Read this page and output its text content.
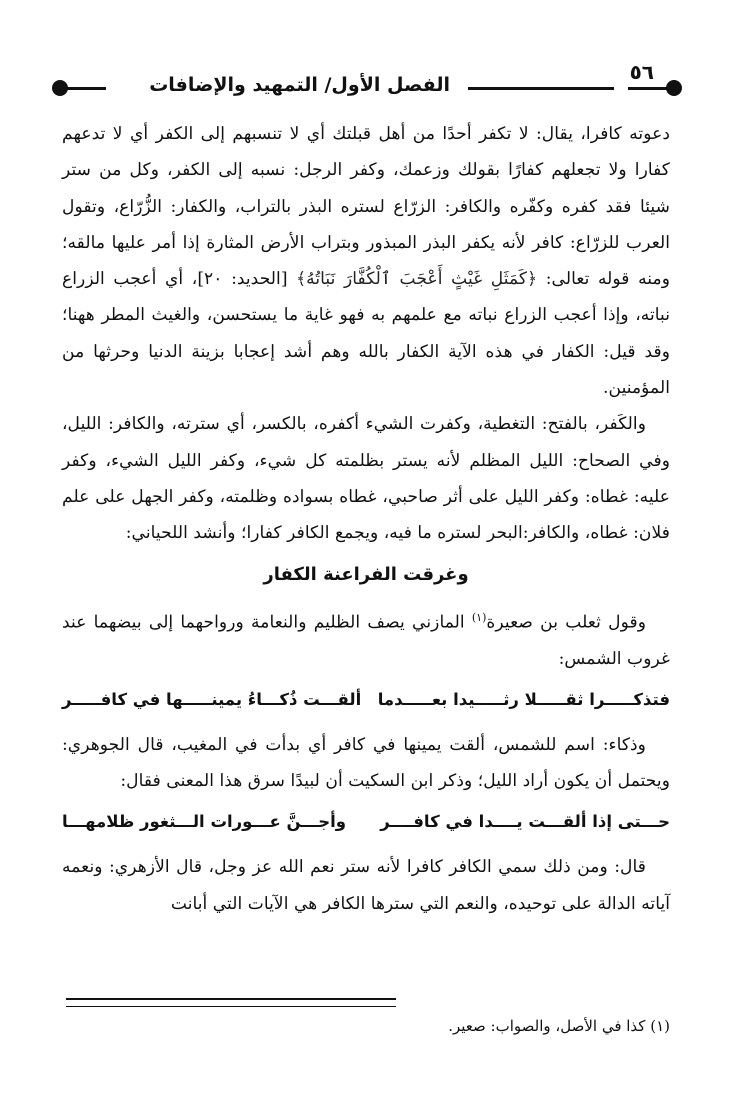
٥٦
الفصل الأول/ التمهيد والإضافات

دعوته كافرا، يقال: لا تكفر أحدًا من أهل قبلتك أي لا تنسبهم إلى الكفر أي لا تدعهم كفارا ولا تجعلهم كفارًا بقولك وزعمك، وكفر الرجل: نسبه إلى الكفر، وكل من ستر شيئا فقد كفره وكفّره والكافر: الزرّاع لستره البذر بالتراب، والكفار: الزُّرّاع، وتقول العرب للزرّاع: كافر لأنه يكفر البذر المبذور وبتراب الأرض المثارة إذا أمر عليها مالقه؛ ومنه قوله تعالى: ﴿كَمَثَلِ غَيْثٍ أَعْجَبَ ٱلْكُفَّارَ نَبَاتُهُ﴾ [الحديد: ٢٠]، أي أعجب الزراع نباته، وإذا أعجب الزراع نباته مع علمهم به فهو غاية ما يستحسن، والغيث المطر ههنا؛ وقد قيل: الكفار في هذه الآية الكفار بالله وهم أشد إعجابا بزينة الدنيا وحرثها من المؤمنين.

والكَفر، بالفتح: التغطية، وكفرت الشيء أكفره، بالكسر، أي سترته، والكافر: الليل، وفي الصحاح: الليل المظلم لأنه يستر بظلمته كل شيء، وكفر الليل الشيء، وكفر عليه: غطاه: وكفر الليل على أثر صاحبي، غطاه بسواده وظلمته، وكفر الجهل على علم فلان: غطاه، والكافر:البحر لستره ما فيه، ويجمع الكافر كفارا؛ وأنشد اللحياني:

وغرقت الفراعنة الكفار

وقول ثعلب بن صعيرة$^{(١)}$ المازني يصف الظليم والنعامة ورواحهما إلى بيضهما عند غروب الشمس:

فتذكـــــرا ثقـــــلا رثـــــيدا بعـــــدما
ألقـــت ذُكـــاءُ يمينـــــها في كافـــــر

وذكاء: اسم للشمس، ألقت يمينها في كافر أي بدأت في المغيب، قال الجوهري: ويحتمل أن يكون أراد الليل؛ وذكر ابن السكيت أن لبيدًا سرق هذا المعنى فقال:

حـــتى إذا ألقـــت يــــدا في كافــــر
وأجـــنَّ عـــورات الـــثغور ظلامهـــا

قال: ومن ذلك سمي الكافر كافرا لأنه ستر نعم الله عز وجل، قال الأزهري: ونعمه آياته الدالة على توحيده، والنعم التي سترها الكافر هي الآيات التي أبانت

(١) كذا في الأصل، والصواب: صعير.
